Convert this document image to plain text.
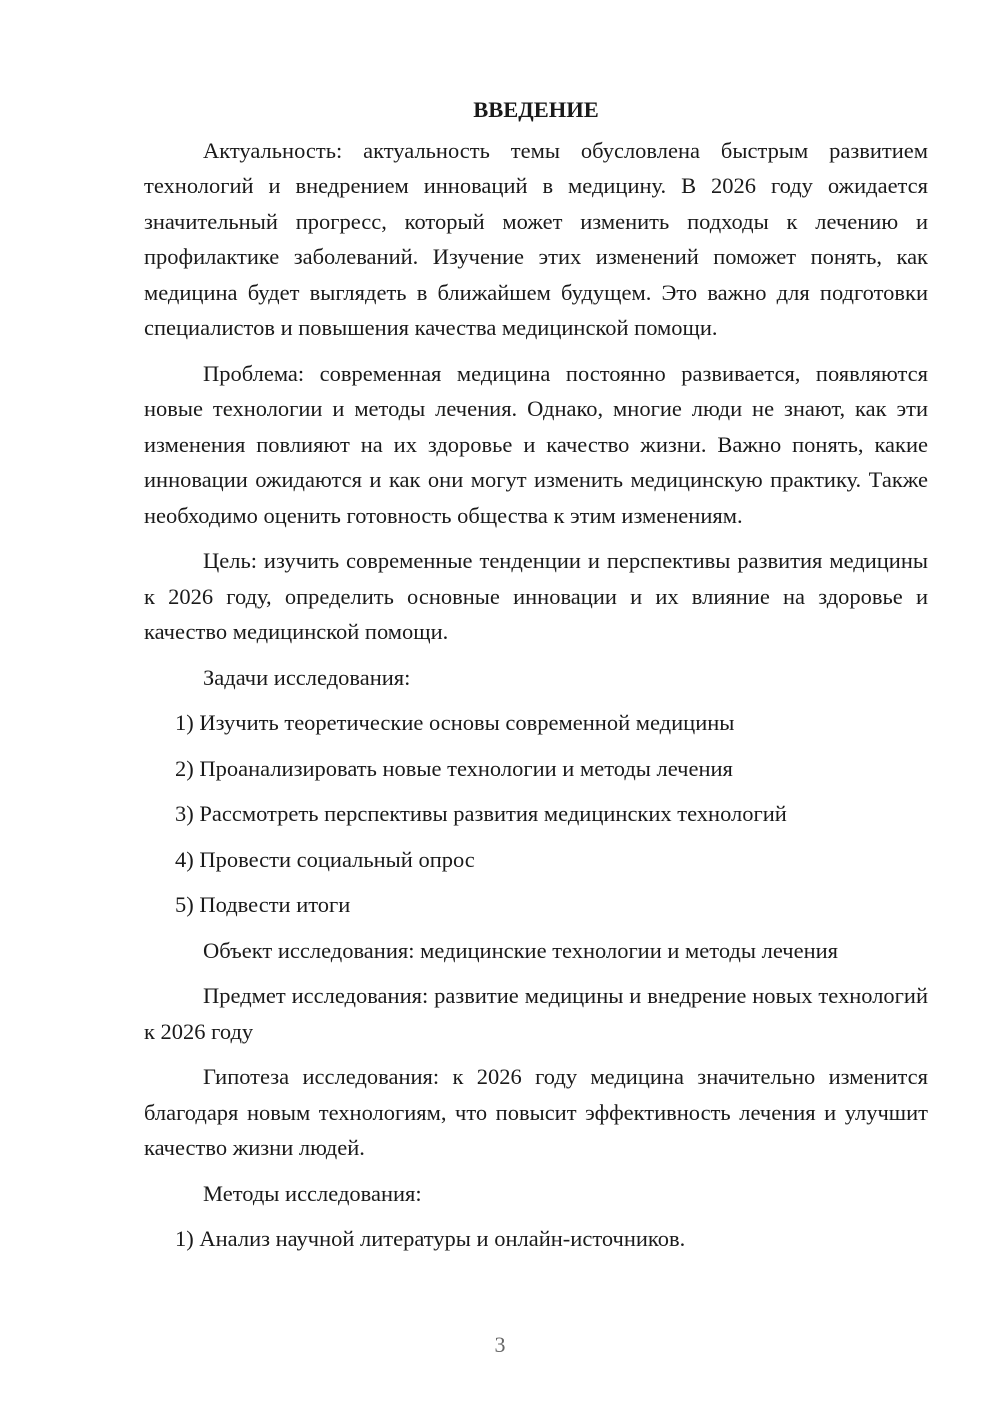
ВВЕДЕНИЕ

Актуальность: актуальность темы обусловлена быстрым развитием технологий и внедрением инноваций в медицину. В 2026 году ожидается значительный прогресс, который может изменить подходы к лечению и профилактике заболеваний. Изучение этих изменений поможет понять, как медицина будет выглядеть в ближайшем будущем. Это важно для подготовки специалистов и повышения качества медицинской помощи.

Проблема: современная медицина постоянно развивается, появляются новые технологии и методы лечения. Однако, многие люди не знают, как эти изменения повлияют на их здоровье и качество жизни. Важно понять, какие инновации ожидаются и как они могут изменить медицинскую практику. Также необходимо оценить готовность общества к этим изменениям.

Цель: изучить современные тенденции и перспективы развития медицины к 2026 году, определить основные инновации и их влияние на здоровье и качество медицинской помощи.

Задачи исследования:

1) Изучить теоретические основы современной медицины

2) Проанализировать новые технологии и методы лечения

3) Рассмотреть перспективы развития медицинских технологий

4) Провести социальный опрос

5) Подвести итоги

Объект исследования: медицинские технологии и методы лечения

Предмет исследования: развитие медицины и внедрение новых технологий к 2026 году

Гипотеза исследования: к 2026 году медицина значительно изменится благодаря новым технологиям, что повысит эффективность лечения и улучшит качество жизни людей.

Методы исследования:

1) Анализ научной литературы и онлайн-источников.

3
